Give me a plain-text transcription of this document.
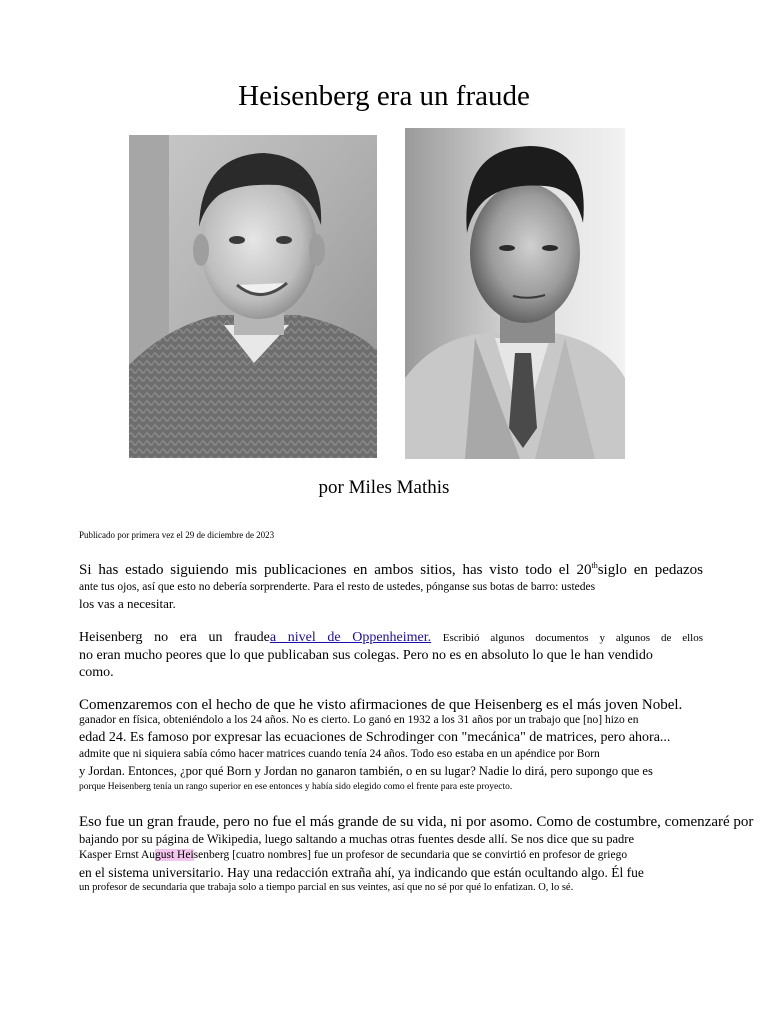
Heisenberg era un fraude
por Miles Mathis
Publicado por primera vez el 29 de diciembre de 2023
Si has estado siguiendo mis publicaciones en ambos sitios, has visto todo el 20thsiglo en pedazos
ante tus ojos, así que esto no debería sorprenderte. Para el resto de ustedes, pónganse sus botas de barro: ustedes
los vas a necesitar.
Heisenberg no era un fraudea nivel de Oppenheimer. Escribió algunos documentos y algunos de ellos
no eran mucho peores que lo que publicaban sus colegas. Pero no es en absoluto lo que le han vendido
como.
Comenzaremos con el hecho de que he visto afirmaciones de que Heisenberg es el más joven Nobel.
ganador en física, obteniéndolo a los 24 años. No es cierto. Lo ganó en 1932 a los 31 años por un trabajo que [no] hizo en
edad 24. Es famoso por expresar las ecuaciones de Schrodinger con "mecánica" de matrices, pero ahora...
admite que ni siquiera sabía cómo hacer matrices cuando tenía 24 años. Todo eso estaba en un apéndice por Born
y Jordan. Entonces, ¿por qué Born y Jordan no ganaron también, o en su lugar? Nadie lo dirá, pero supongo que es
porque Heisenberg tenía un rango superior en ese entonces y había sido elegido como el frente para este proyecto.
Eso fue un gran fraude, pero no fue el más grande de su vida, ni por asomo. Como de costumbre, comenzaré por
bajando por su página de Wikipedia, luego saltando a muchas otras fuentes desde allí. Se nos dice que su padre
Kasper Ernst August Heisenberg [cuatro nombres] fue un profesor de secundaria que se convirtió en profesor de griego
en el sistema universitario. Hay una redacción extraña ahí, ya indicando que están ocultando algo. Él fue
un profesor de secundaria que trabaja solo a tiempo parcial en sus veintes, así que no sé por qué lo enfatizan. O, lo sé.
